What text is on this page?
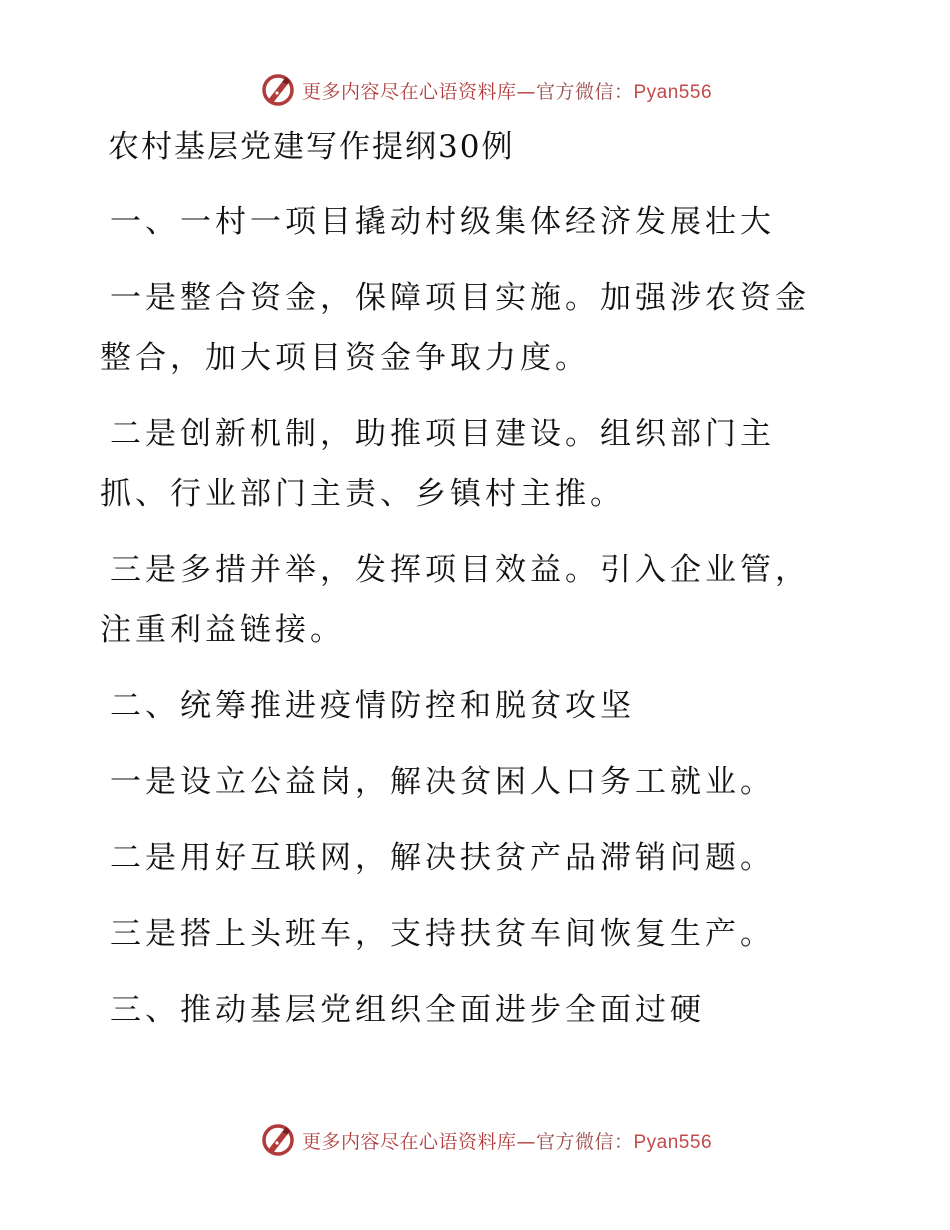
更多内容尽在心语资料库—官方微信：Pyan556
农村基层党建写作提纲30例
一、一村一项目撬动村级集体经济发展壮大
一是整合资金，保障项目实施。加强涉农资金整合，加大项目资金争取力度。
二是创新机制，助推项目建设。组织部门主抓、行业部门主责、乡镇村主推。
三是多措并举，发挥项目效益。引入企业管，注重利益链接。
二、统筹推进疫情防控和脱贫攻坚
一是设立公益岗，解决贫困人口务工就业。
二是用好互联网，解决扶贫产品滞销问题。
三是搭上头班车，支持扶贫车间恢复生产。
三、推动基层党组织全面进步全面过硬
更多内容尽在心语资料库—官方微信：Pyan556
